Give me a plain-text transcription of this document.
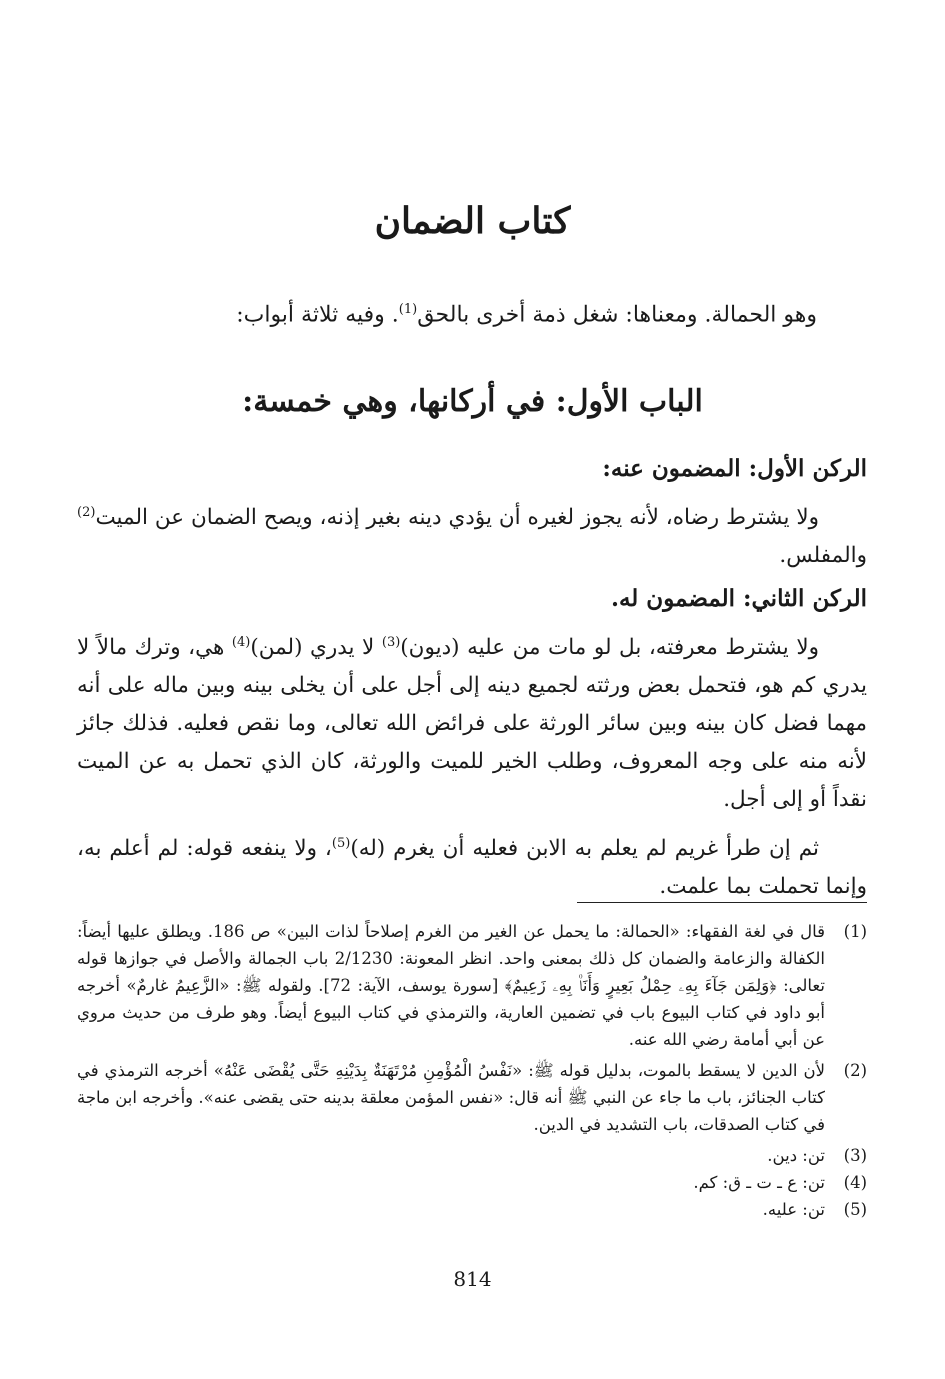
كتاب الضمان
وهو الحمالة. ومعناها: شغل ذمة أخرى بالحق$^{(1)}$. وفيه ثلاثة أبواب:
الباب الأول: في أركانها، وهي خمسة:
الركن الأول: المضمون عنه:
ولا يشترط رضاه، لأنه يجوز لغيره أن يؤدي دينه بغير إذنه، ويصح الضمان عن الميت$^{(2)}$ والمفلس.
الركن الثاني: المضمون له.
ولا يشترط معرفته، بل لو مات من عليه (ديون)$^{(3)}$ لا يدري (لمن)$^{(4)}$ هي، وترك مالاً لا يدري كم هو، فتحمل بعض ورثته لجميع دينه إلى أجل على أن يخلى بينه وبين ماله على أنه مهما فضل كان بينه وبين سائر الورثة على فرائض الله تعالى، وما نقص فعليه. فذلك جائز لأنه منه على وجه المعروف، وطلب الخير للميت والورثة، كان الذي تحمل به عن الميت نقداً أو إلى أجل.
ثم إن طرأ غريم لم يعلم به الابن فعليه أن يغرم (له)$^{(5)}$، ولا ينفعه قوله: لم أعلم به، وإنما تحملت بما علمت.
(1)
قال في لغة الفقهاء: «الحمالة: ما يحمل عن الغير من الغرم إصلاحاً لذات البين» ص 186. ويطلق عليها أيضاً: الكفالة والزعامة والضمان كل ذلك بمعنى واحد. انظر المعونة: 2/1230 باب الجمالة والأصل في جوازها قوله تعالى: ﴿وَلِمَن جَآءَ بِهِۦ حِمْلُ بَعِيرٍ وَأَنَا۠ بِهِۦ زَعِيمٌ﴾ [سورة يوسف، الآية: 72]. ولقوله ﷺ: «الزَّعِيمُ غارمٌ» أخرجه أبو داود في كتاب البيوع باب في تضمين العارية، والترمذي في كتاب البيوع أيضاً. وهو طرف من حديث مروي عن أبي أمامة رضي الله عنه.
(2)
لأن الدين لا يسقط بالموت، بدليل قوله ﷺ: «نَفْسُ الْمُؤْمِنِ مُرْتَهَنَةٌ بِدَيْنِهِ حَتَّى يُقْضَى عَنْهُ» أخرجه الترمذي في كتاب الجنائز، باب ما جاء عن النبي ﷺ أنه قال: «نفس المؤمن معلقة بدينه حتى يقضى عنه». وأخرجه ابن ماجة في كتاب الصدقات، باب التشديد في الدين.
(3)
تن: دين.
(4)
تن: ع ـ ت ـ ق: كم.
(5)
تن: عليه.
814
